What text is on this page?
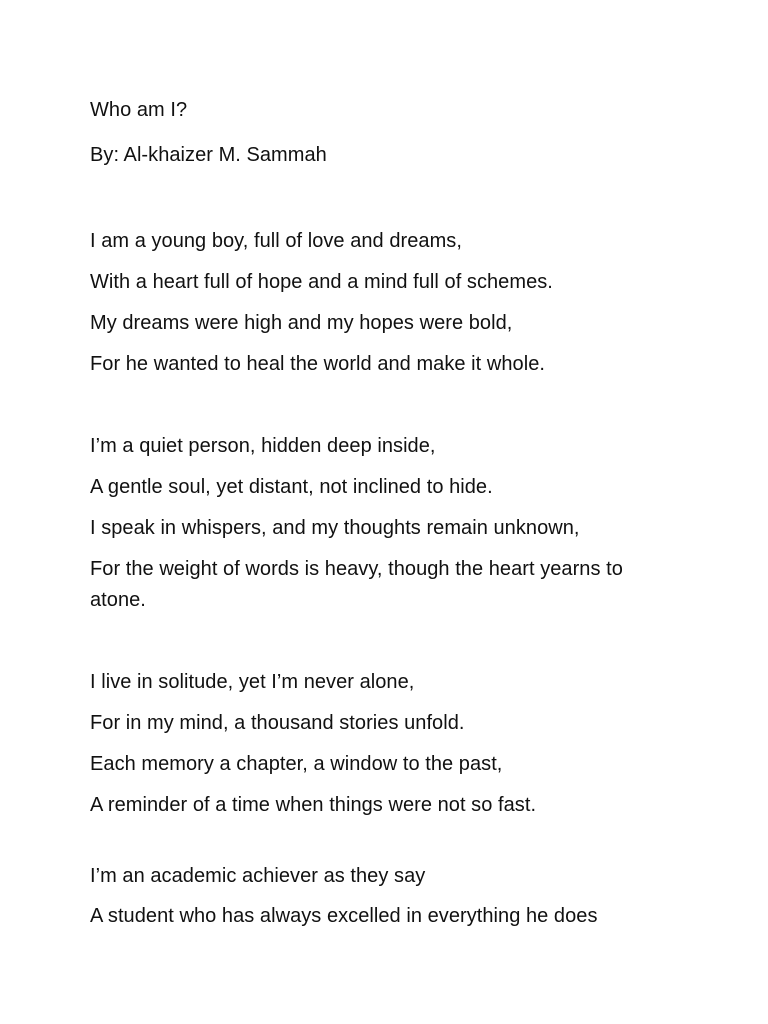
Who am I?

By: Al-khaizer M. Sammah

I am a young boy, full of love and dreams,

With a heart full of hope and a mind full of schemes.

My dreams were high and my hopes were bold,

For he wanted to heal the world and make it whole.

I’m a quiet person, hidden deep inside,

A gentle soul, yet distant, not inclined to hide.

I speak in whispers, and my thoughts remain unknown,

For the weight of words is heavy, though the heart yearns to

atone.

I live in solitude, yet I’m never alone,

For in my mind, a thousand stories unfold.

Each memory a chapter, a window to the past,

A reminder of a time when things were not so fast.

I’m an academic achiever as they say

A student who has always excelled in everything he does
